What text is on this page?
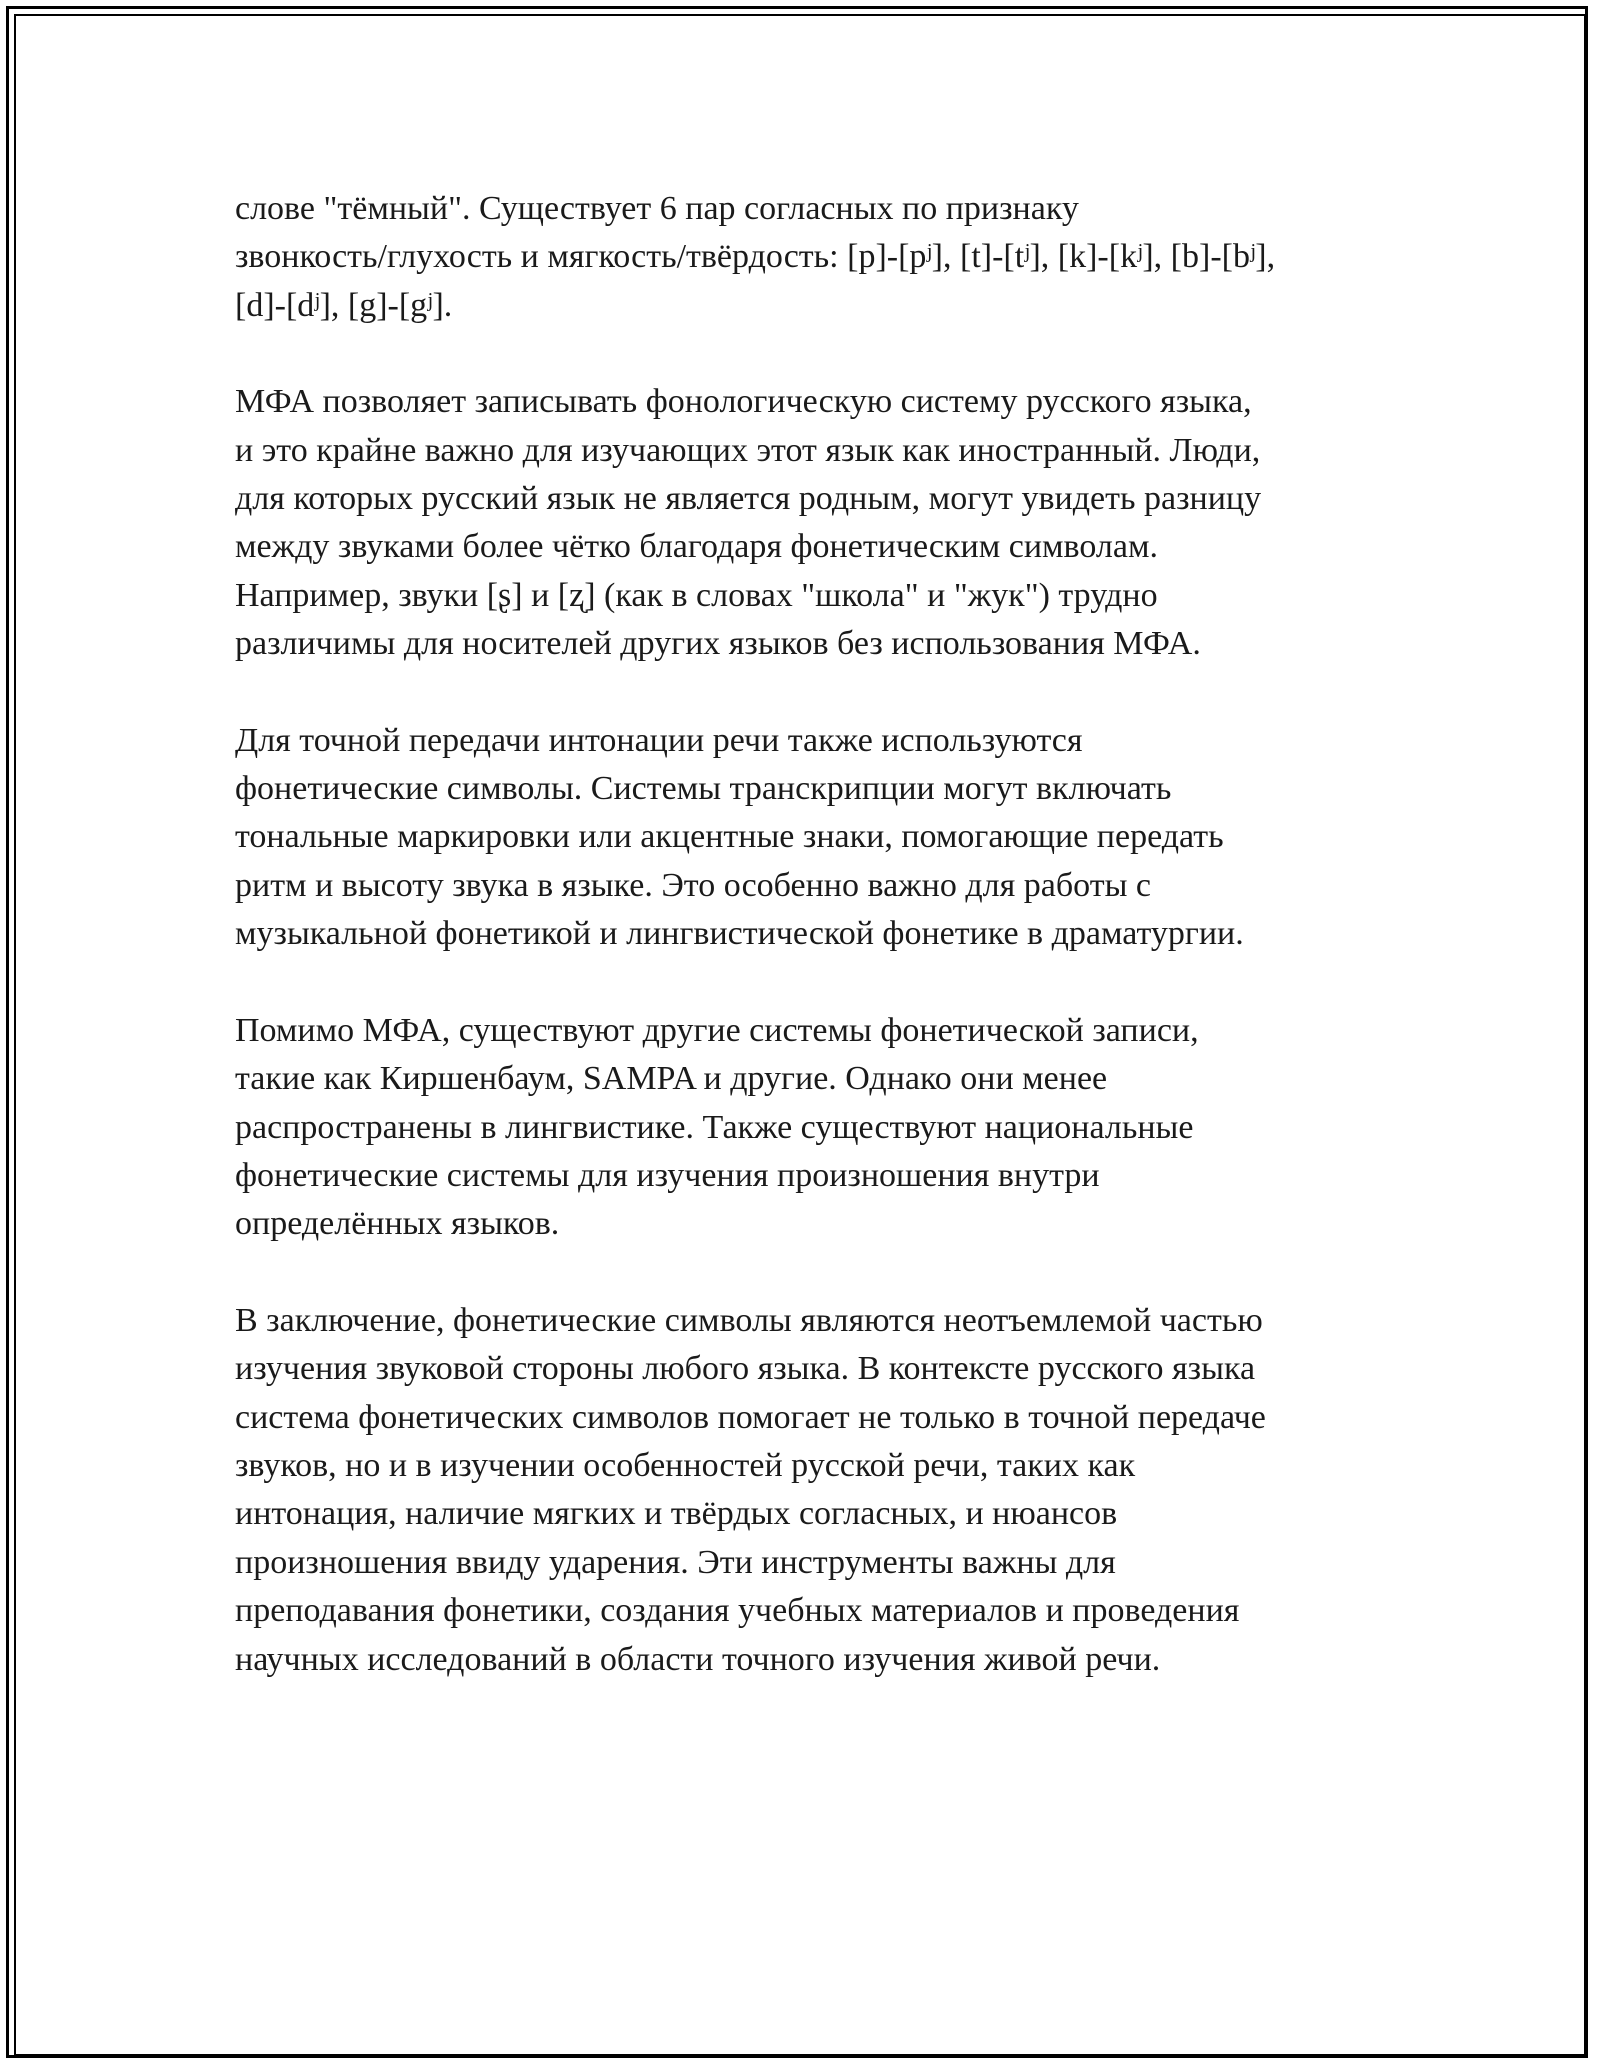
слове "тёмный". Существует 6 пар согласных по признаку
звонкость/глухость и мягкость/твёрдость: [p]-[pʲ], [t]-[tʲ], [k]-[kʲ], [b]-[bʲ],
[d]-[dʲ], [g]-[gʲ].

МФА позволяет записывать фонологическую систему русского языка,
и это крайне важно для изучающих этот язык как иностранный. Люди,
для которых русский язык не является родным, могут увидеть разницу
между звуками более чётко благодаря фонетическим символам.
Например, звуки [ʂ] и [ʐ] (как в словах "школа" и "жук") трудно
различимы для носителей других языков без использования МФА.

Для точной передачи интонации речи также используются
фонетические символы. Системы транскрипции могут включать
тональные маркировки или акцентные знаки, помогающие передать
ритм и высоту звука в языке. Это особенно важно для работы с
музыкальной фонетикой и лингвистической фонетике в драматургии.

Помимо МФА, существуют другие системы фонетической записи,
такие как Киршенбаум, SAMPA и другие. Однако они менее
распространены в лингвистике. Также существуют национальные
фонетические системы для изучения произношения внутри
определённых языков.

В заключение, фонетические символы являются неотъемлемой частью
изучения звуковой стороны любого языка. В контексте русского языка
система фонетических символов помогает не только в точной передаче
звуков, но и в изучении особенностей русской речи, таких как
интонация, наличие мягких и твёрдых согласных, и нюансов
произношения ввиду ударения. Эти инструменты важны для
преподавания фонетики, создания учебных материалов и проведения
научных исследований в области точного изучения живой речи.
